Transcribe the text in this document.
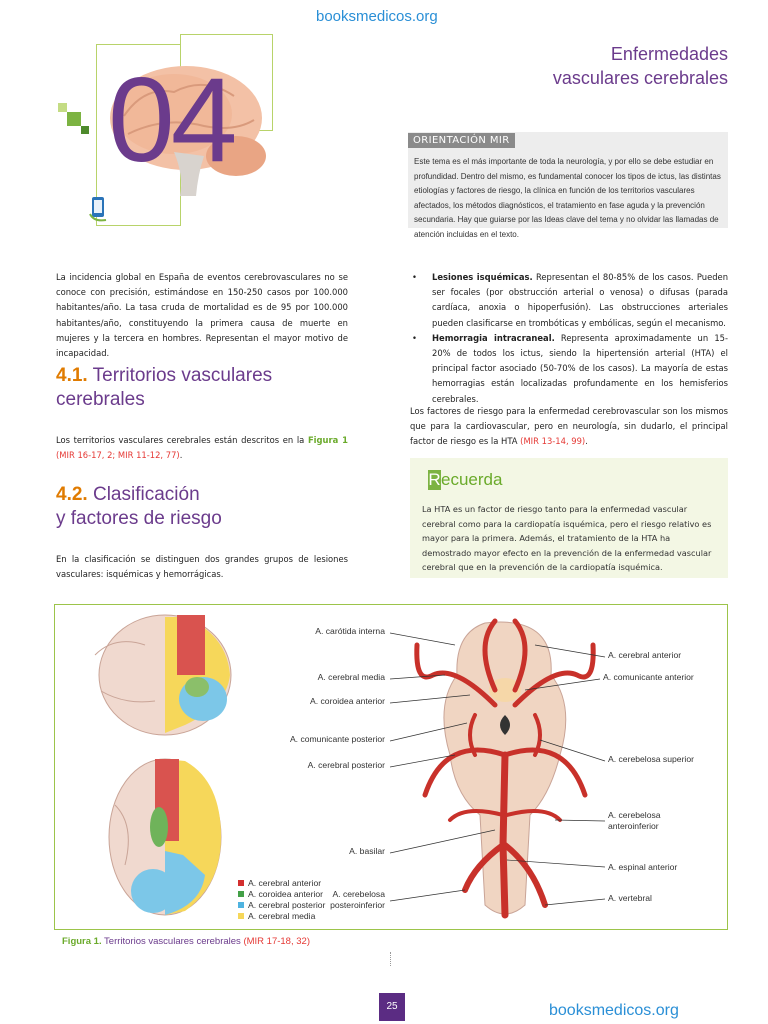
booksmedicos.org
04	Enfermedades
vasculares cerebrales
ORIENTACIÓN MIR
Este tema es el más importante de toda la neurología, y por ello se debe estudiar en profundidad. Dentro del mismo, es fundamental conocer los tipos de ictus, las distintas etiologías y factores de riesgo, la clínica en función de los territorios vasculares afectados, los métodos diagnósticos, el tratamiento en fase aguda y la prevención secundaria. Hay que guiarse por las Ideas clave del tema y no olvidar las llamadas de atención incluidas en el texto.
La incidencia global en España de eventos cerebrovasculares no se conoce con precisión, estimándose en 150-250 casos por 100.000 habitantes/año. La tasa cruda de mortalidad es de 95 por 100.000 habitantes/año, constituyendo la primera causa de muerte en mujeres y la tercera en hombres. Representan el mayor motivo de incapacidad.
4.1. Territorios vasculares
cerebrales
Los territorios vasculares cerebrales están descritos en la Figura 1 (MIR 16-17, 2; MIR 11-12, 77).
4.2. Clasificación
y factores de riesgo
En la clasificación se distinguen dos grandes grupos de lesiones vasculares: isquémicas y hemorrágicas.
• Lesiones isquémicas. Representan el 80-85% de los casos. Pueden ser focales (por obstrucción arterial o venosa) o difusas (parada cardíaca, anoxia o hipoperfusión). Las obstrucciones arteriales pueden clasificarse en trombóticas y embólicas, según el mecanismo.
• Hemorragia intracraneal. Representa aproximadamente un 15-20% de todos los ictus, siendo la hipertensión arterial (HTA) el principal factor asociado (50-70% de los casos). La mayoría de estas hemorragias están localizadas profundamente en los hemisferios cerebrales.
Los factores de riesgo para la enfermedad cerebrovascular son los mismos que para la cardiovascular, pero en neurología, sin dudarlo, el principal factor de riesgo es la HTA (MIR 13-14, 99).
Recuerda
La HTA es un factor de riesgo tanto para la enfermedad vascular cerebral como para la cardiopatía isquémica, pero el riesgo relativo es mayor para la primera. Además, el tratamiento de la HTA ha demostrado mayor efecto en la prevención de la enfermedad vascular cerebral que en la prevención de la cardiopatía isquémica.
A. carótida interna
A. cerebral media
A. coroidea anterior
A. comunicante posterior
A. cerebral posterior
A. basilar
A. cerebelosa
posteroinferior
A. cerebral anterior
A. comunicante anterior
A. cerebelosa superior
A. cerebelosa
anteroinferior
A. espinal anterior
A. vertebral
A. cerebral anterior
A. coroidea anterior
A. cerebral posterior
A. cerebral media
Figura 1. Territorios vasculares cerebrales (MIR 17-18, 32)
25	booksmedicos.org
